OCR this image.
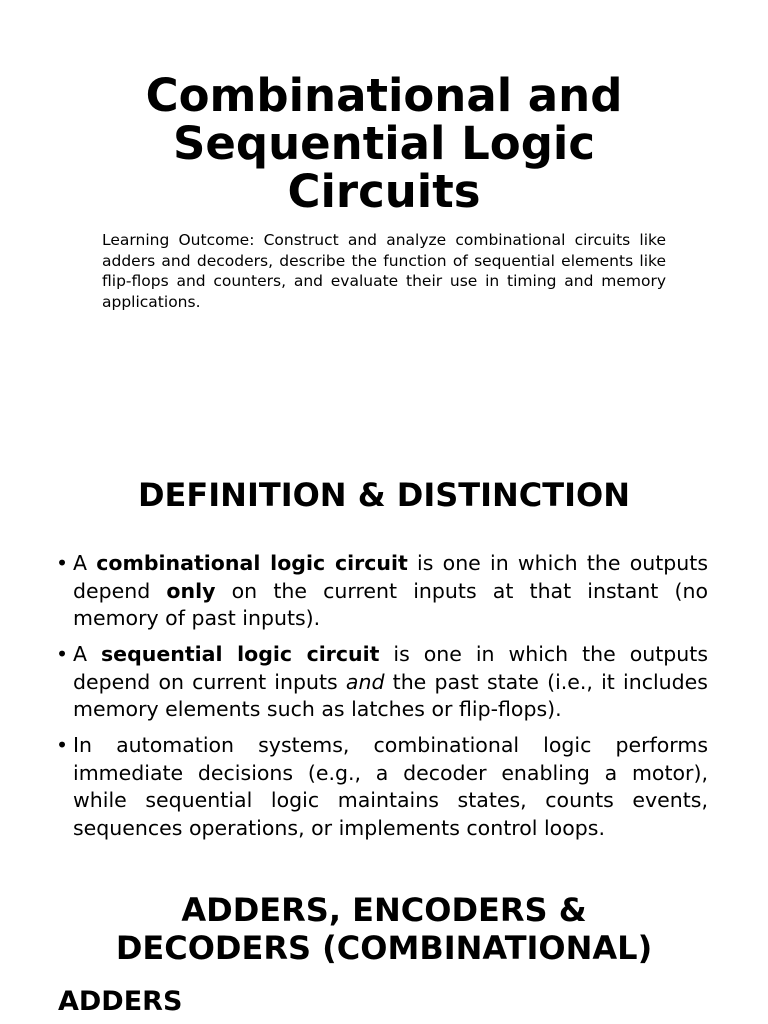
Combinational and
Sequential Logic
Circuits

Learning Outcome: Construct and analyze combinational circuits like adders and decoders, describe the function of sequential elements like flip-flops and counters, and evaluate their use in timing and memory applications.

DEFINITION & DISTINCTION
• A combinational logic circuit is one in which the outputs depend only on the current inputs at that instant (no memory of past inputs).
• A sequential logic circuit is one in which the outputs depend on current inputs and the past state (i.e., it includes memory elements such as latches or flip-flops).
• In automation systems, combinational logic performs immediate decisions (e.g., a decoder enabling a motor), while sequential logic maintains states, counts events, sequences operations, or implements control loops.
ADDERS, ENCODERS &
DECODERS (COMBINATIONAL)
ADDERS
